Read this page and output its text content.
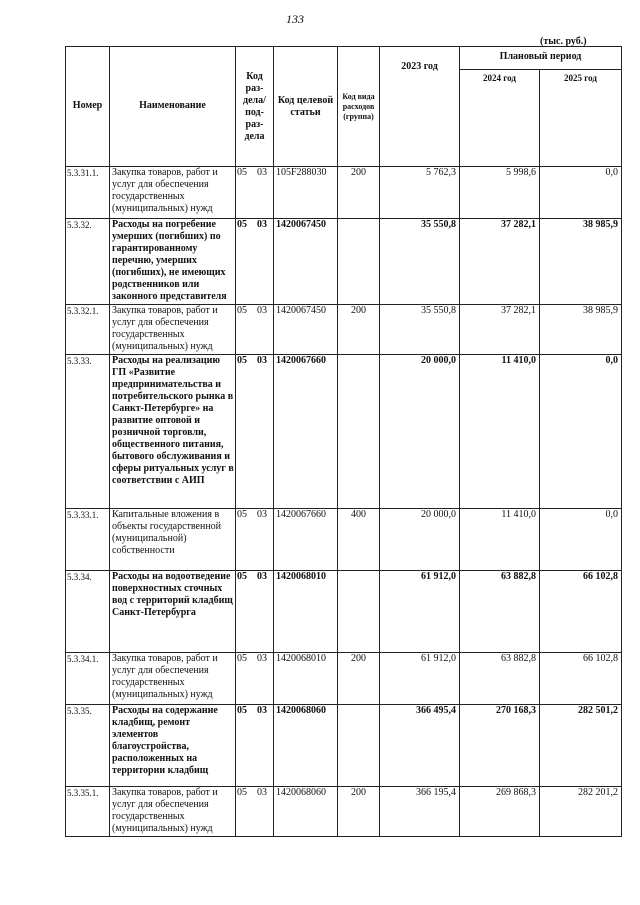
133
(тыс. руб.)
Номер	Наименование	Код раз-дела/ под-раз-дела	Код целевой статьи	Код вида расходов (группа)	2023 год	Плановый период	
						2024 год	2025 год
5.3.31.1.	Закупка товаров, работ и услуг для обеспечения государственных (муниципальных) нужд	05 03	105F288030	200	5 762,3	5 998,6	0,0
5.3.32.	Расходы на погребение умерших (погибших) по гарантированному перечню, умерших (погибших), не имеющих родственников или законного представителя	05 03	1420067450		35 550,8	37 282,1	38 985,9
5.3.32.1.	Закупка товаров, работ и услуг для обеспечения государственных (муниципальных) нужд	05 03	1420067450	200	35 550,8	37 282,1	38 985,9
5.3.33.	Расходы на реализацию ГП «Развитие предпринимательства и потребительского рынка в Санкт-Петербурге» на развитие оптовой и розничной торговли, общественного питания, бытового обслуживания и сферы ритуальных услуг в соответствии с АИП	05 03	1420067660		20 000,0	11 410,0	0,0
5.3.33.1.	Капитальные вложения в объекты государственной (муниципальной) собственности	05 03	1420067660	400	20 000,0	11 410,0	0,0
5.3.34.	Расходы на водоотведение поверхностных сточных вод с территорий кладбищ Санкт-Петербурга	05 03	1420068010		61 912,0	63 882,8	66 102,8
5.3.34.1.	Закупка товаров, работ и услуг для обеспечения государственных (муниципальных) нужд	05 03	1420068010	200	61 912,0	63 882,8	66 102,8
5.3.35.	Расходы на содержание кладбищ, ремонт элементов благоустройства, расположенных на территории кладбищ	05 03	1420068060		366 495,4	270 168,3	282 501,2
5.3.35.1.	Закупка товаров, работ и услуг для обеспечения государственных (муниципальных) нужд	05 03	1420068060	200	366 195,4	269 868,3	282 201,2
